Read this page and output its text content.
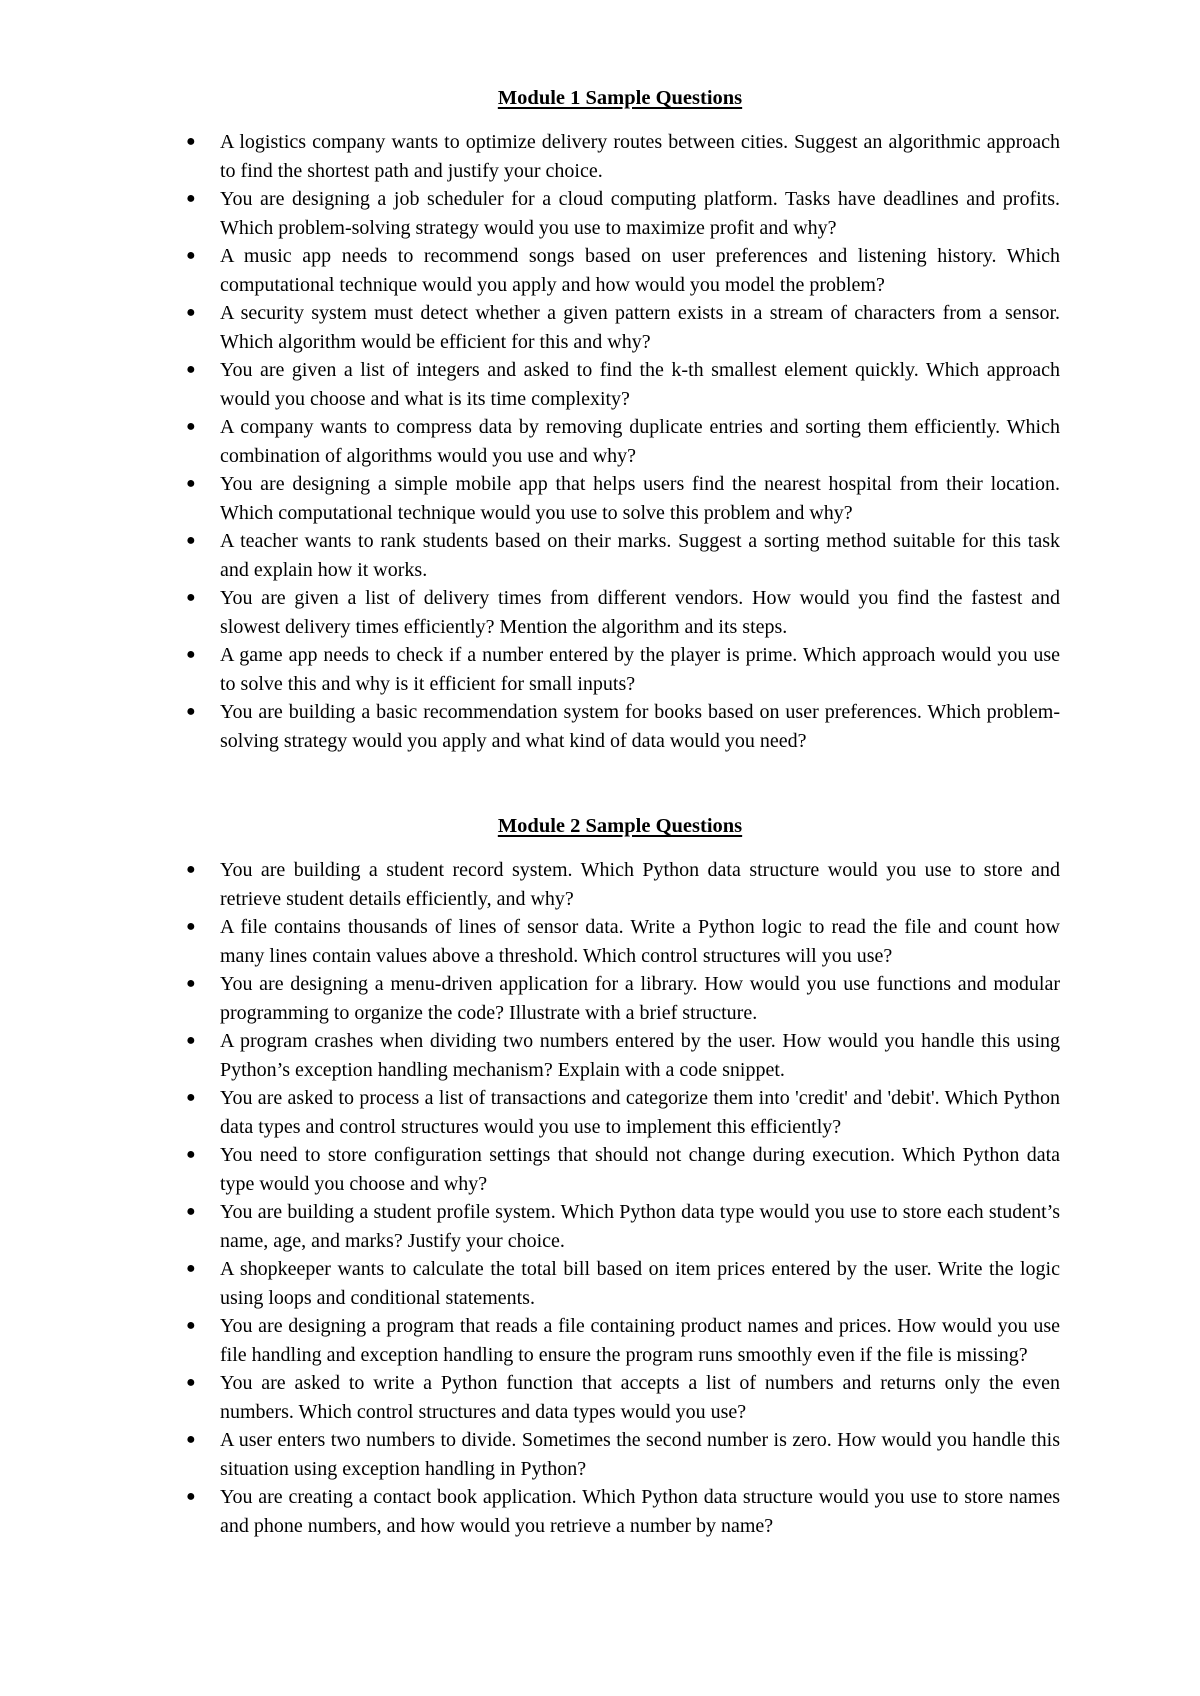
Module 1 Sample Questions
● A logistics company wants to optimize delivery routes between cities. Suggest an algorithmic approach to find the shortest path and justify your choice.
● You are designing a job scheduler for a cloud computing platform. Tasks have deadlines and profits. Which problem-solving strategy would you use to maximize profit and why?
● A music app needs to recommend songs based on user preferences and listening history. Which computational technique would you apply and how would you model the problem?
● A security system must detect whether a given pattern exists in a stream of characters from a sensor. Which algorithm would be efficient for this and why?
● You are given a list of integers and asked to find the k-th smallest element quickly. Which approach would you choose and what is its time complexity?
● A company wants to compress data by removing duplicate entries and sorting them efficiently. Which combination of algorithms would you use and why?
● You are designing a simple mobile app that helps users find the nearest hospital from their location. Which computational technique would you use to solve this problem and why?
● A teacher wants to rank students based on their marks. Suggest a sorting method suitable for this task and explain how it works.
● You are given a list of delivery times from different vendors. How would you find the fastest and slowest delivery times efficiently? Mention the algorithm and its steps.
● A game app needs to check if a number entered by the player is prime. Which approach would you use to solve this and why is it efficient for small inputs?
● You are building a basic recommendation system for books based on user preferences. Which problem-solving strategy would you apply and what kind of data would you need?
Module 2 Sample Questions
● You are building a student record system. Which Python data structure would you use to store and retrieve student details efficiently, and why?
● A file contains thousands of lines of sensor data. Write a Python logic to read the file and count how many lines contain values above a threshold. Which control structures will you use?
● You are designing a menu-driven application for a library. How would you use functions and modular programming to organize the code? Illustrate with a brief structure.
● A program crashes when dividing two numbers entered by the user. How would you handle this using Python’s exception handling mechanism? Explain with a code snippet.
● You are asked to process a list of transactions and categorize them into 'credit' and 'debit'. Which Python data types and control structures would you use to implement this efficiently?
● You need to store configuration settings that should not change during execution. Which Python data type would you choose and why?
● You are building a student profile system. Which Python data type would you use to store each student’s name, age, and marks? Justify your choice.
● A shopkeeper wants to calculate the total bill based on item prices entered by the user. Write the logic using loops and conditional statements.
● You are designing a program that reads a file containing product names and prices. How would you use file handling and exception handling to ensure the program runs smoothly even if the file is missing?
● You are asked to write a Python function that accepts a list of numbers and returns only the even numbers. Which control structures and data types would you use?
● A user enters two numbers to divide. Sometimes the second number is zero. How would you handle this situation using exception handling in Python?
● You are creating a contact book application. Which Python data structure would you use to store names and phone numbers, and how would you retrieve a number by name?
